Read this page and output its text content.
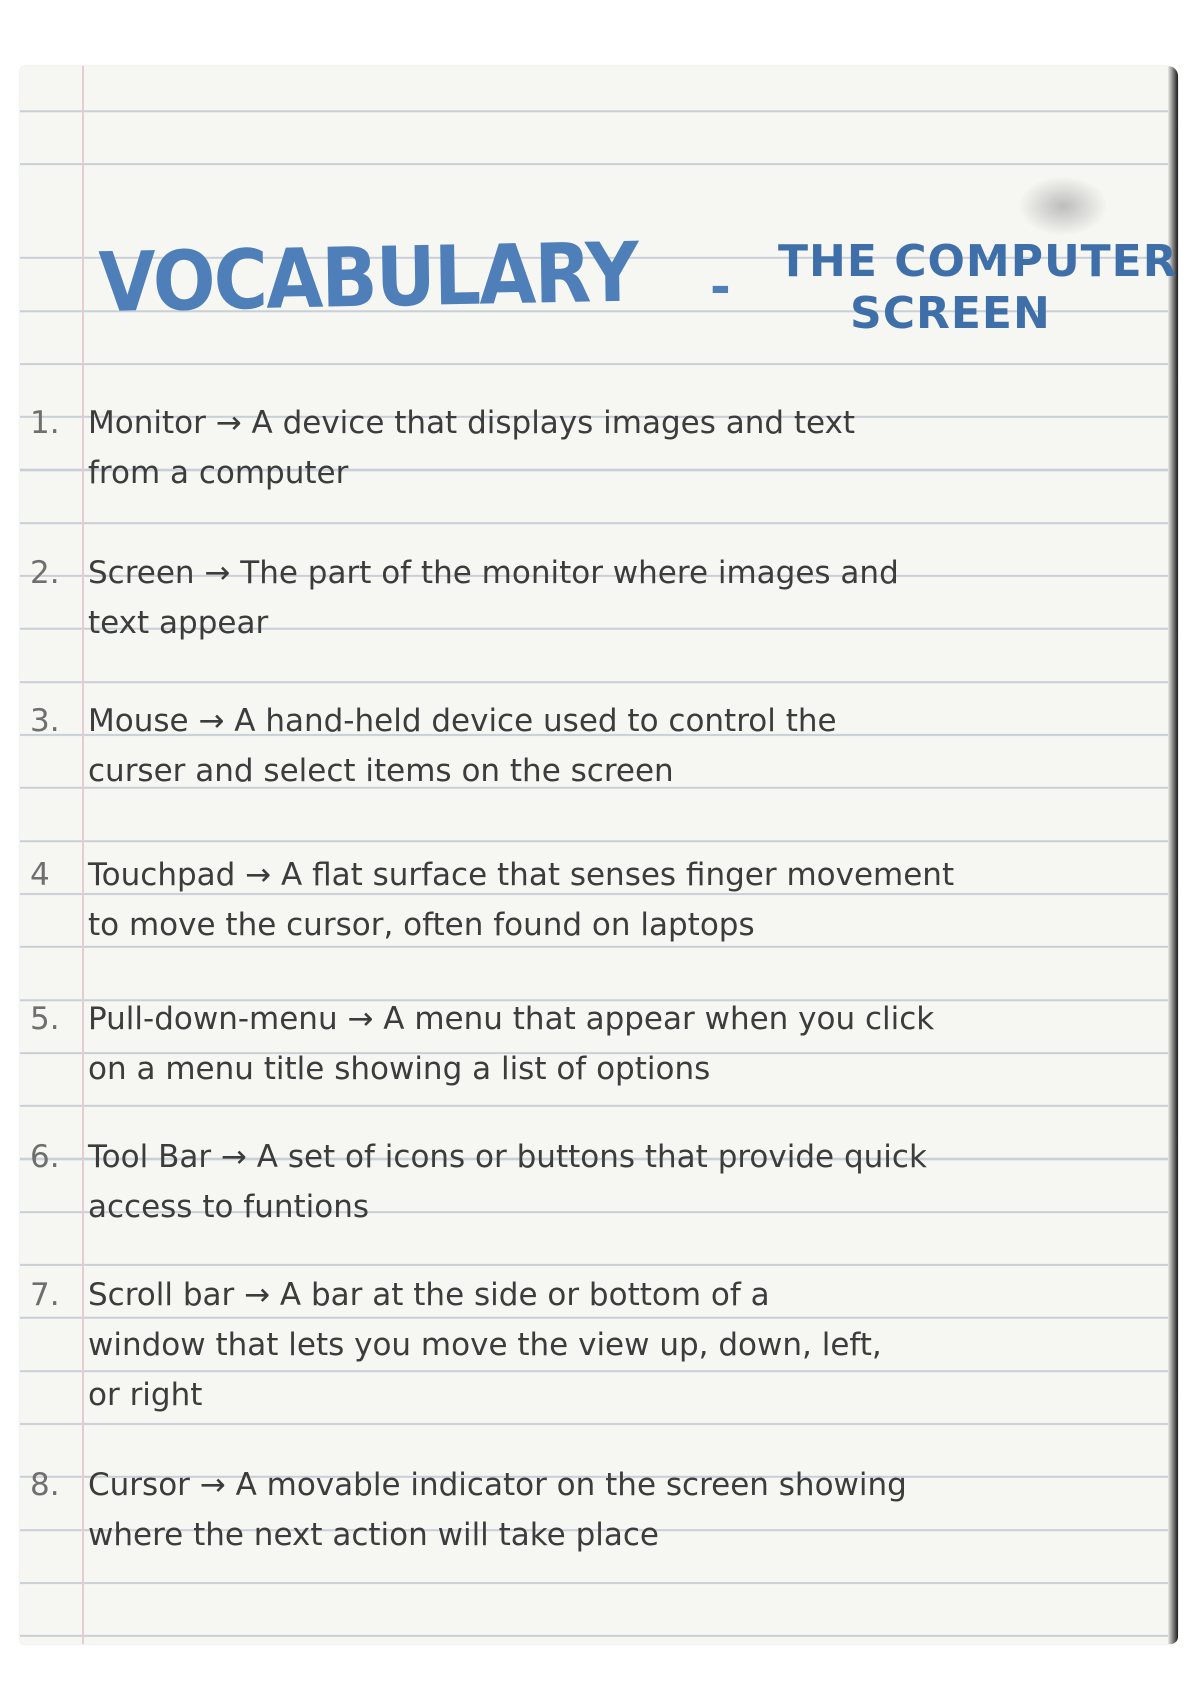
VOCABULARY - THE COMPUTER
SCREEN
1. Monitor → A device that displays images and text
from a computer
2. Screen → The part of the monitor where images and
text appear
3. Mouse → A hand-held device used to control the
curser and select items on the screen
4 Touchpad → A flat surface that senses finger movement
to move the cursor, often found on laptops
5. Pull-down-menu → A menu that appear when you click
on a menu title showing a list of options
6. Tool Bar → A set of icons or buttons that provide quick
access to funtions
7. Scroll bar → A bar at the side or bottom of a
window that lets you move the view up, down, left,
or right
8. Cursor → A movable indicator on the screen showing
where the next action will take place
